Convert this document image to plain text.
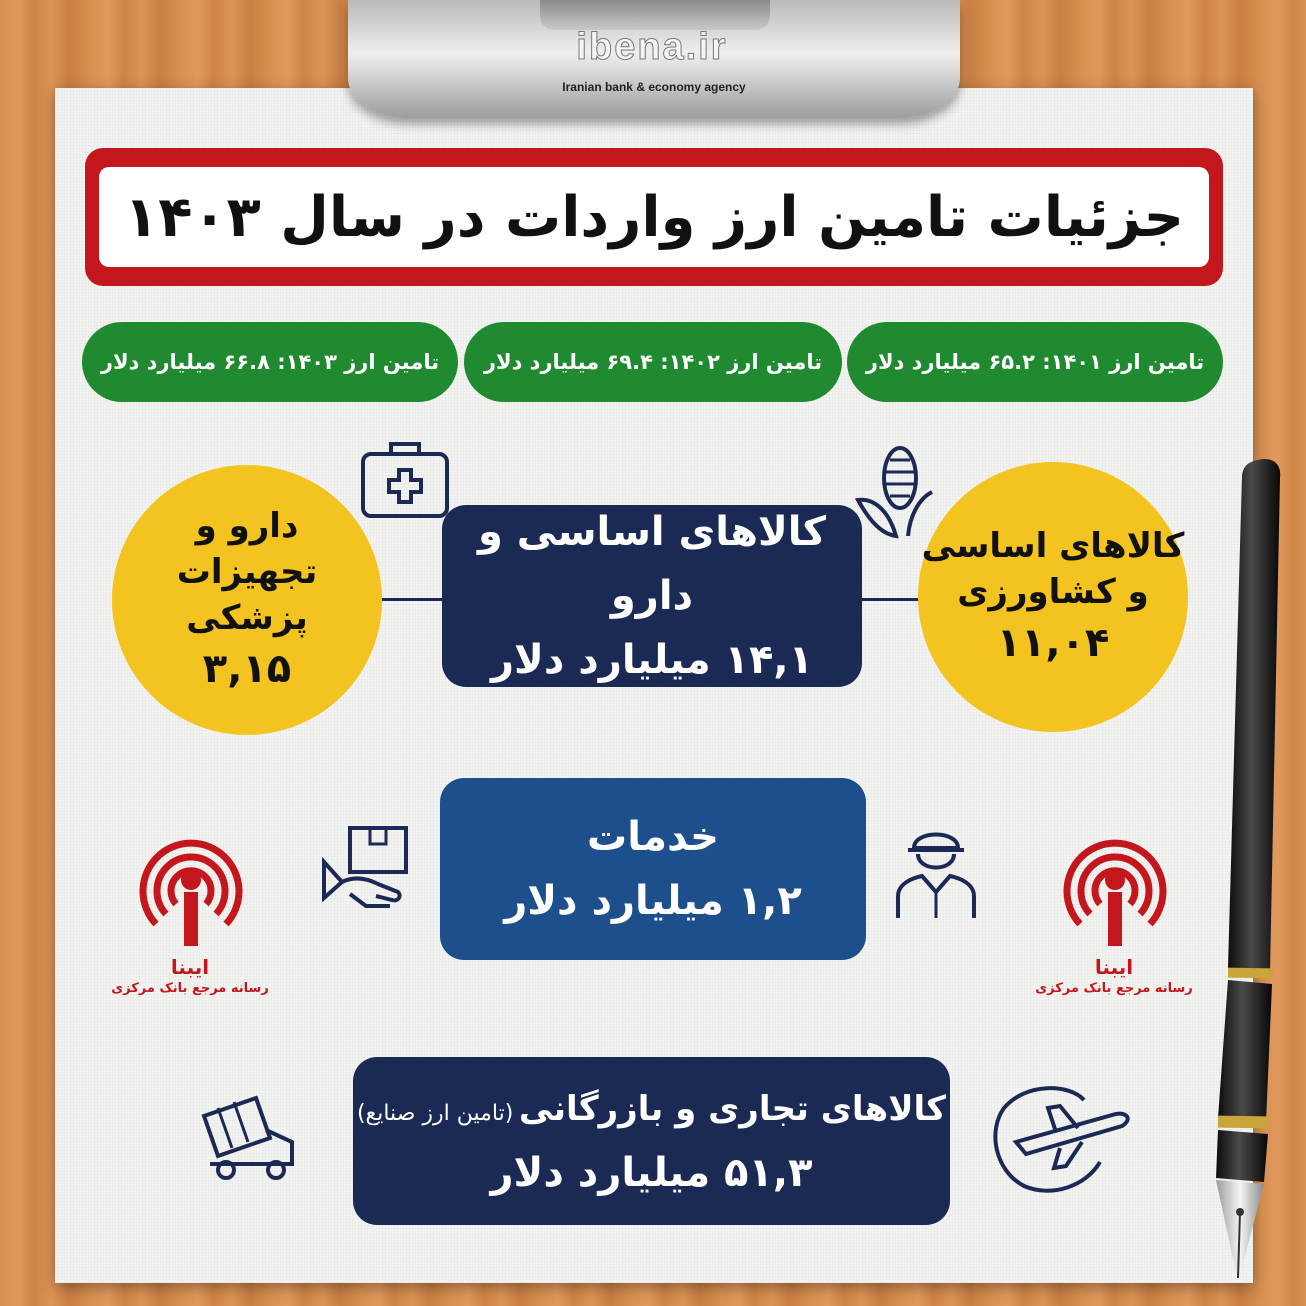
ibena.ir
Iranian bank & economy agency
جزئیات تامین ارز واردات در سال ۱۴۰۳
تامین ارز ۱۴۰۱: ۶۵.۲ میلیارد دلار
تامین ارز ۱۴۰۲: ۶۹.۴ میلیارد دلار
تامین ارز ۱۴۰۳: ۶۶.۸ میلیارد دلار
دارو و
تجهیزات پزشکی
۳,۱۵
کالاهای اساسی
و کشاورزی
۱۱,۰۴
کالاهای اساسی و دارو
۱۴,۱ میلیارد دلار
خدمات
۱,۲ میلیارد دلار
کالاهای تجاری و بازرگانی (تامین ارز صنایع)
۵۱,۳ میلیارد دلار
ایبنا
رسانه مرجع بانک مرکزی
ایبنا
رسانه مرجع بانک مرکزی
